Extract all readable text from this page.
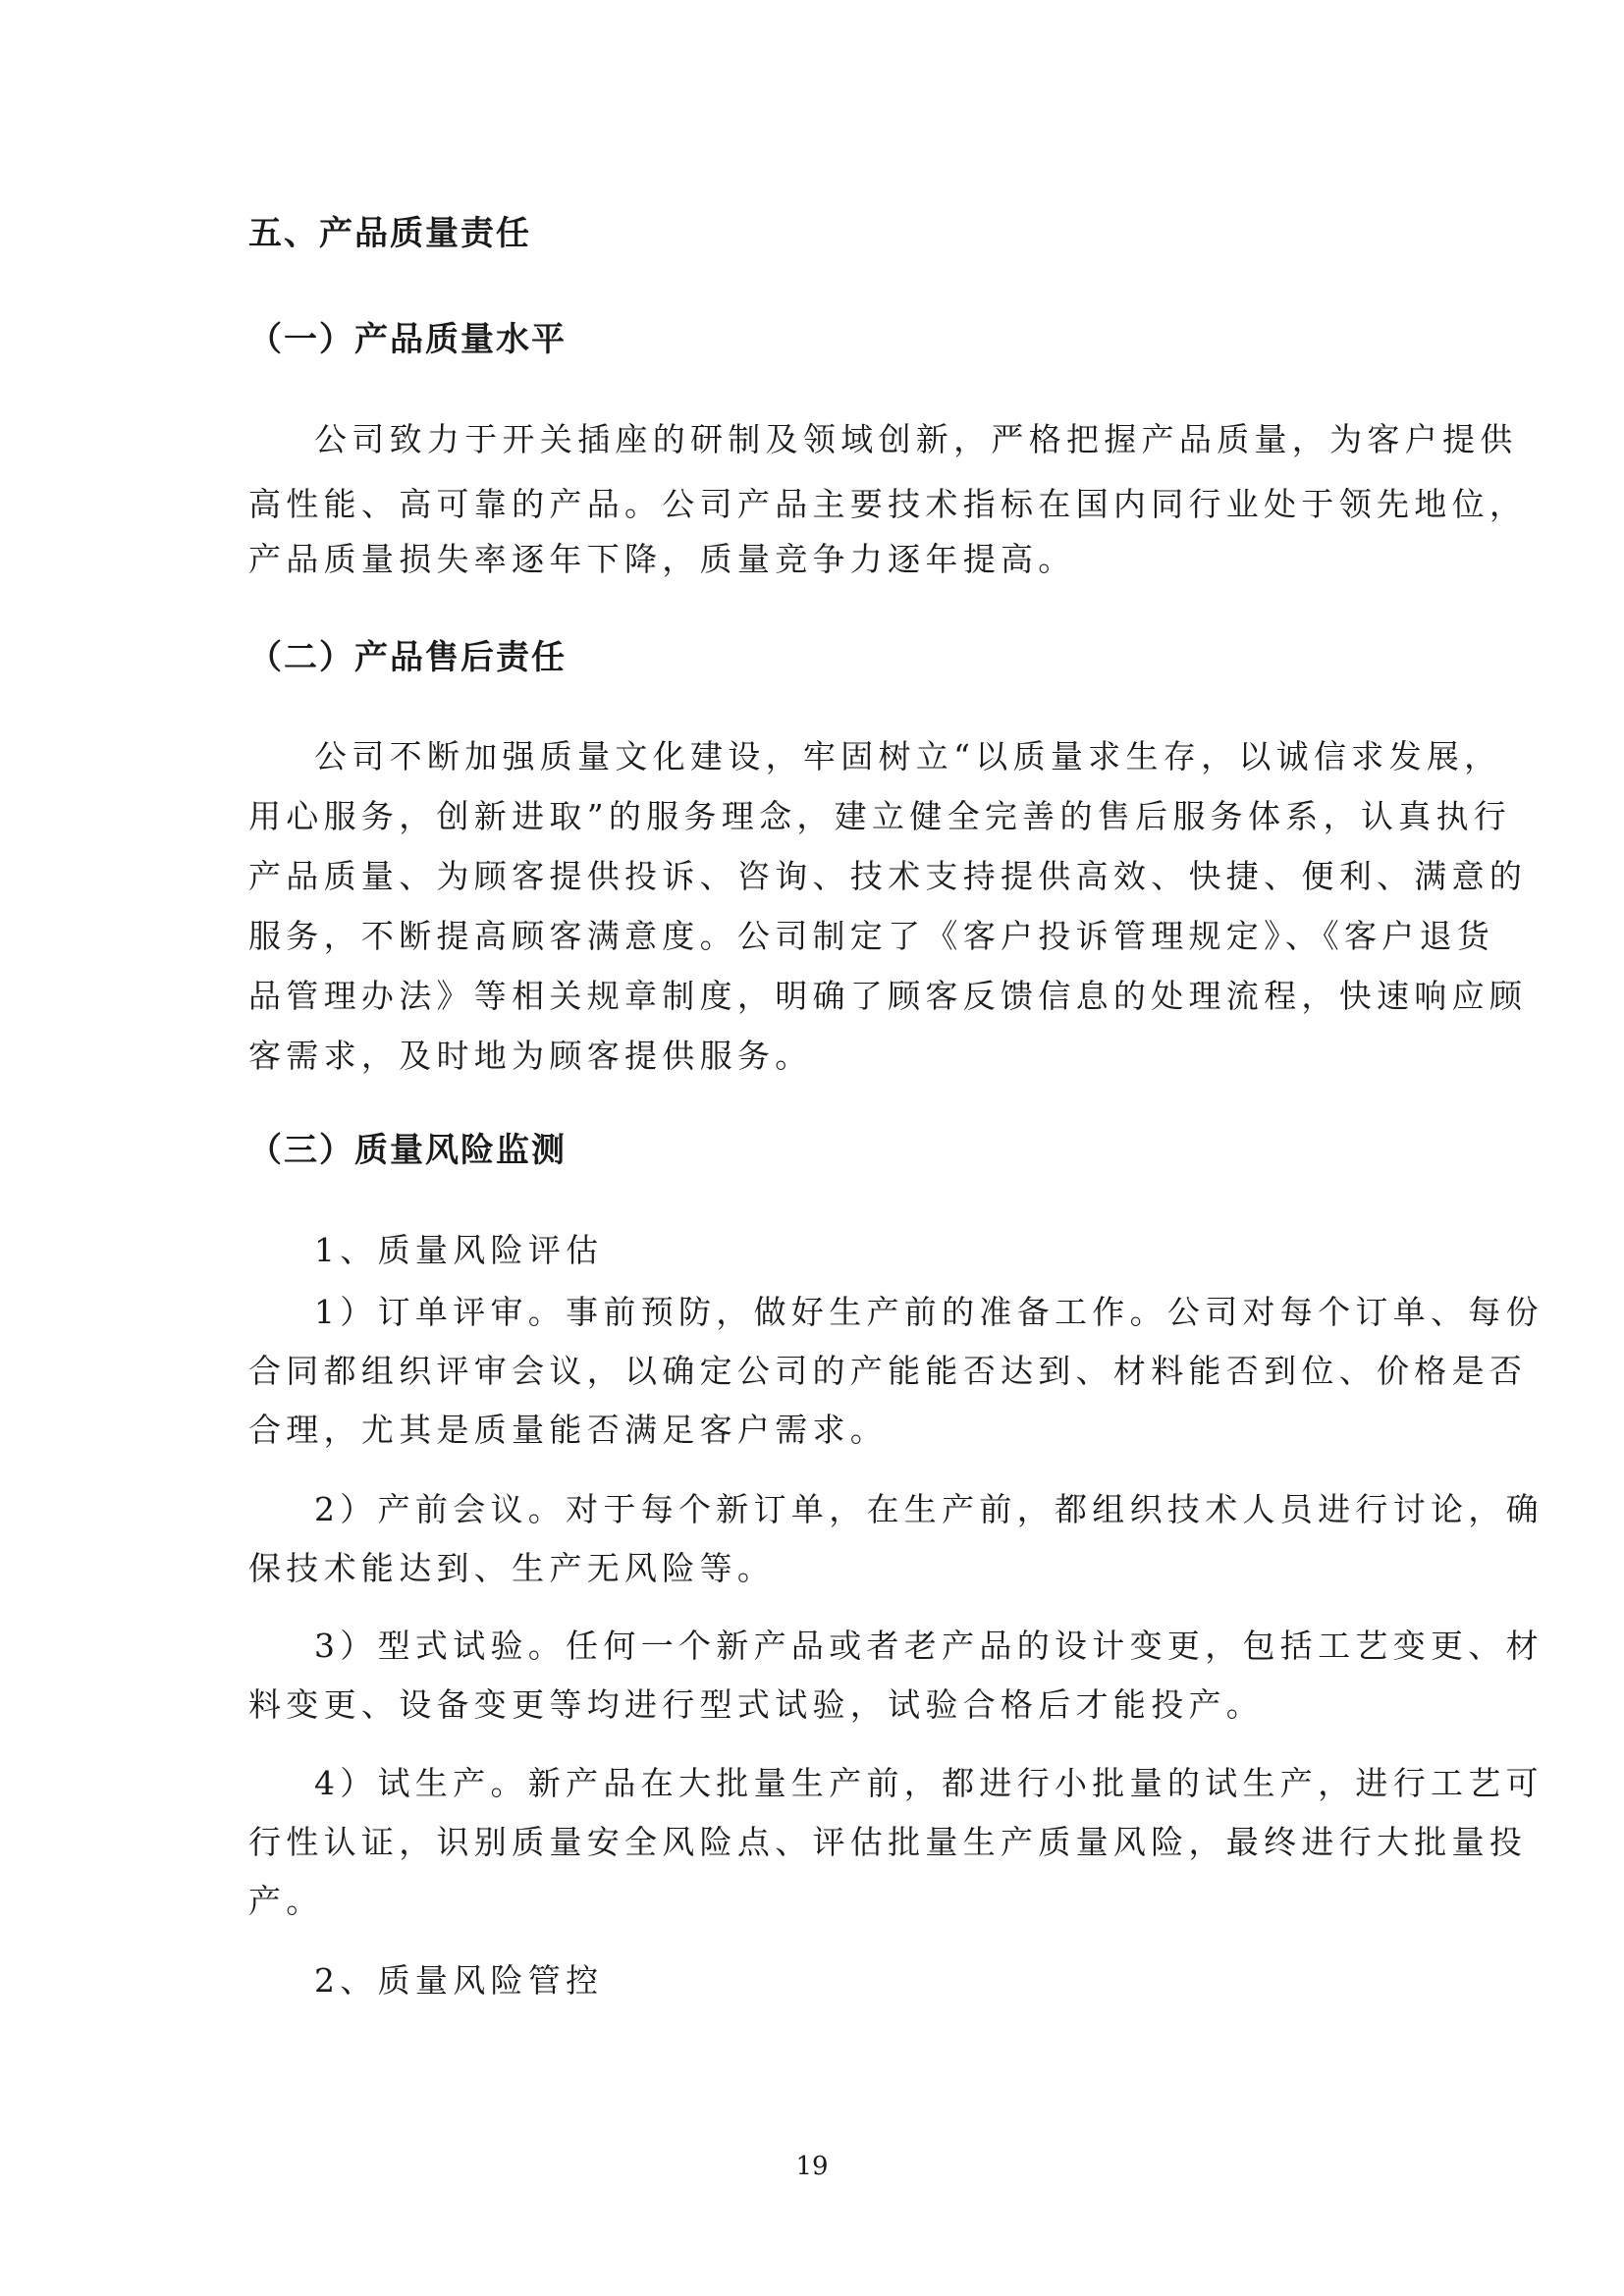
五、产品质量责任
（一）产品质量水平
公司致力于开关插座的研制及领域创新，严格把握产品质量，为客户提供
高性能、高可靠的产品。公司产品主要技术指标在国内同行业处于领先地位，
产品质量损失率逐年下降，质量竞争力逐年提高。
（二）产品售后责任
公司不断加强质量文化建设，牢固树立“以质量求生存，以诚信求发展，
用心服务，创新进取”的服务理念，建立健全完善的售后服务体系，认真执行
产品质量、为顾客提供投诉、咨询、技术支持提供高效、快捷、便利、满意的
服务，不断提高顾客满意度。公司制定了《客户投诉管理规定》、《客户退货
品管理办法》等相关规章制度，明确了顾客反馈信息的处理流程，快速响应顾
客需求，及时地为顾客提供服务。
（三）质量风险监测
1、质量风险评估
1）订单评审。事前预防，做好生产前的准备工作。公司对每个订单、每份
合同都组织评审会议，以确定公司的产能能否达到、材料能否到位、价格是否
合理，尤其是质量能否满足客户需求。
2）产前会议。对于每个新订单，在生产前，都组织技术人员进行讨论，确
保技术能达到、生产无风险等。
3）型式试验。任何一个新产品或者老产品的设计变更，包括工艺变更、材
料变更、设备变更等均进行型式试验，试验合格后才能投产。
4）试生产。新产品在大批量生产前，都进行小批量的试生产，进行工艺可
行性认证，识别质量安全风险点、评估批量生产质量风险，最终进行大批量投
产。
2、质量风险管控
19
